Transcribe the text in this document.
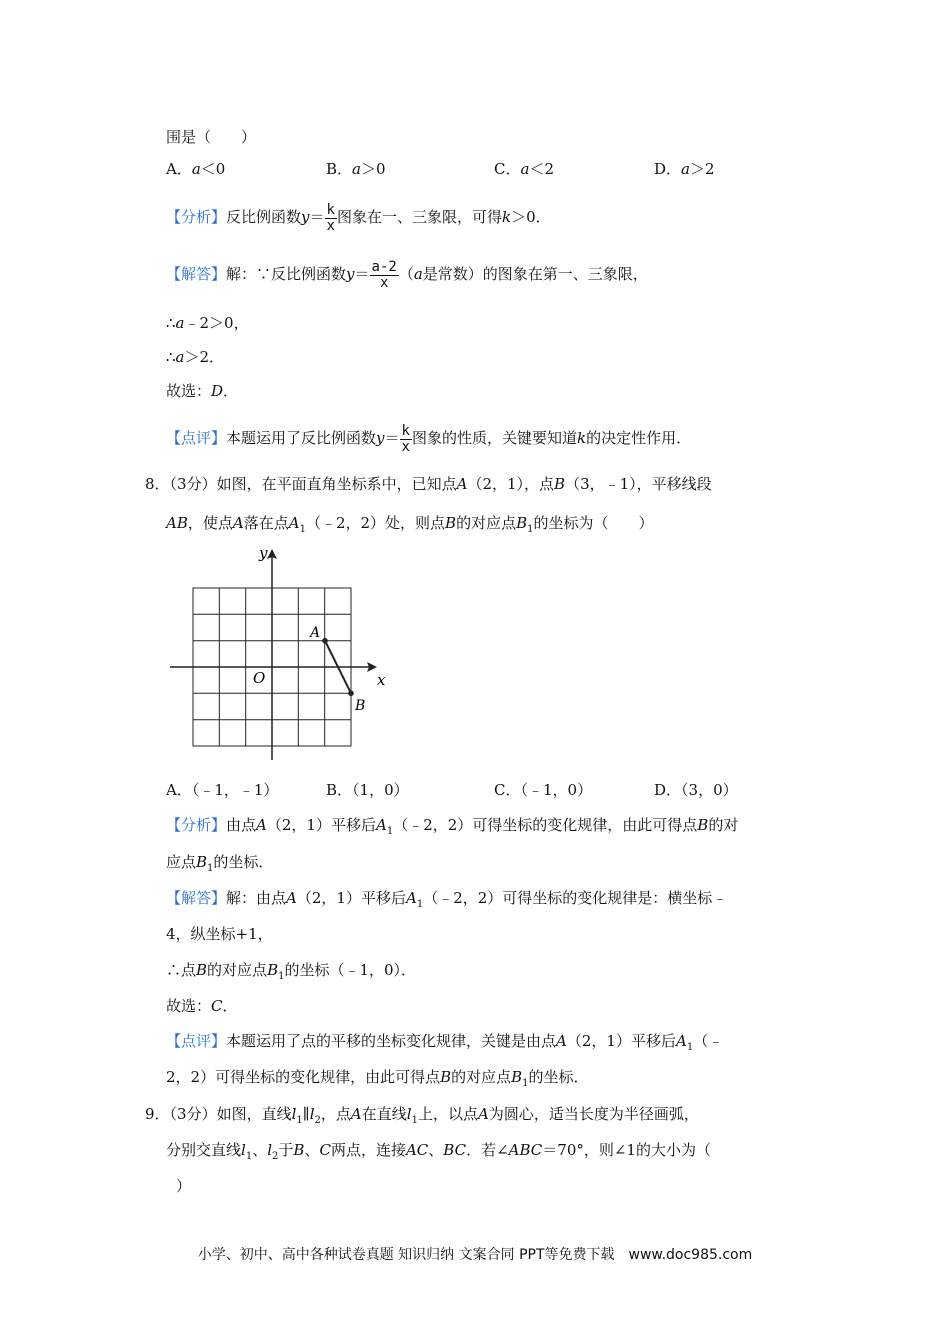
围是（　　）
A．a＜0	B．a＞0	C．a＜2	D．a＞2
【分析】反比例函数$y= \frac{k}{x}$ 图象在一、三象限，可得k＞0．
【解答】解：∵反比例函数$y= \frac{a-2}{x} (a$是常数）的图象在第一、三象限，
∴a﹣2＞0，
∴a＞2．
故选：D．
【点评】本题运用了反比例函数$y= \frac{k}{x}$ 图象的性质，关键要知道k的决定性作用．
8．（3分）如图，在平面直角坐标系中，已知点A（2，1），点B（3，﹣1），平移线段
AB，使点A落在点$A_1(﹣2$，2）处，则点B的对应点$B_1$的坐标为（　　）
y
x
O
A
B
A．（﹣1，﹣1）	B．（1，0）	C．（﹣1，0）	D．（3，0）
【分析】由点A（2，1）平移后$A_1(﹣2$，2）可得坐标的变化规律，由此可得点B的对
应点$B_1$的坐标．
【解答】解：由点A（2，1）平移后$A_1(﹣2$，2）可得坐标的变化规律是：横坐标﹣
4，纵坐标+1，
∴点B的对应点$B_1$的坐标（﹣1，0）．
故选：C．
【点评】本题运用了点的平移的坐标变化规律，关键是由点A（2，1）平移后$A_1(﹣$
2，2）可得坐标的变化规律，由此可得点B的对应点$B_1$的坐标．
9．（3分）如图，直线$l_1\parallel l_2$，点A在直线$l_1$上，以点A为圆心，适当长度为半径画弧，
分别交直线$l_1$、$l_2$于B、C两点，连接AC、BC．若∠ABC＝70°，则∠1的大小为（
）
小学、初中、高中各种试卷真题 知识归纳 文案合同 PPT等免费下载　www.doc985.com
